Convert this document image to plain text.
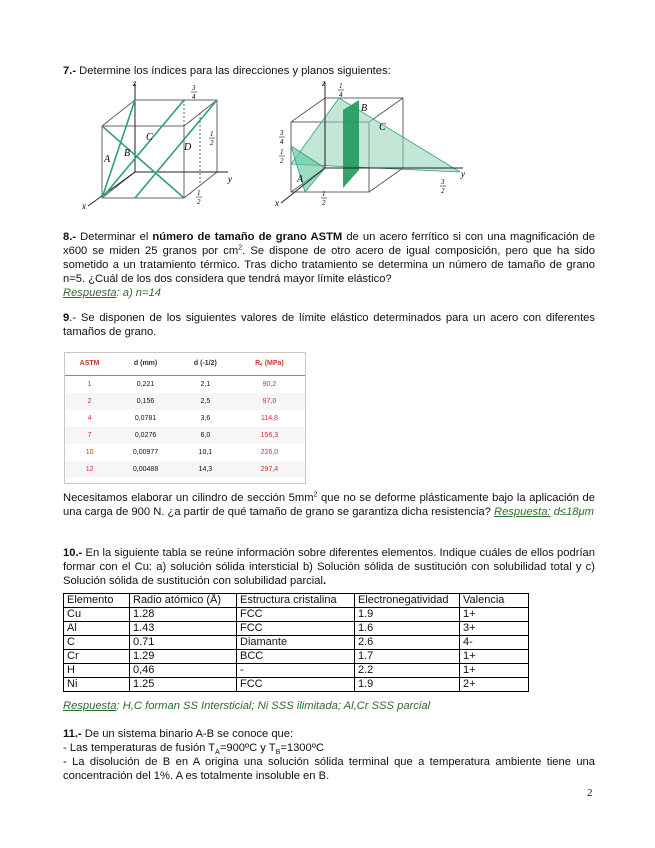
7.- Determine los índices para las direcciones y planos siguientes:
z
y
x
A
B
C
D
3
4
1
2
1
2
z
y
x
A
B
C
1
4
3
4
1
2
3
2
1
2
8.- Determinar el número de tamaño de grano ASTM de un acero ferrítico si con una magnificación de x600 se miden 25 granos por $cm^2$. Se dispone de otro acero de igual composición, pero que ha sido sometido a un tratamiento térmico. Tras dicho tratamiento se determina un número de tamaño de grano n=5. ¿Cuál de los dos considera que tendrá mayor límite elástico?
Respuesta: a) n=14
9.- Se disponen de los siguientes valores de límite elástico determinados para un acero con diferentes tamaños de grano.
ASTM	d (mm)	d (-1/2)	Rₑ (MPa)
1	0,221	2,1	90,2
2	0,156	2,5	97,0
4	0,0781	3,6	114,8
7	0,0276	6,0	156,3
10	0,00977	10,1	226,0
12	0,00488	14,3	297,4
Necesitamos elaborar un cilindro de sección $5mm^2$ que no se deforme plásticamente bajo la aplicación de una carga de 900 N. ¿a partir de qué tamaño de grano se garantiza dicha resistencia? Respuesta: d≤18μm
10.- En la siguiente tabla se reúne información sobre diferentes elementos. Indique cuáles de ellos podrían formar con el Cu: a) solución sólida intersticial b) Solución sólida de sustitución con solubilidad total y c) Solución sólida de sustitución con solubilidad parcial.
Elemento	Radio atómico (Å)	Estructura cristalina	Electronegatividad	Valencia
Cu	1.28	FCC	1.9	1+
Al	1.43	FCC	1.6	3+
C	0.71	Diamante	2.6	4-
Cr	1.29	BCC	1.7	1+
H	0,46	-	2.2	1+
Ni	1.25	FCC	1.9	2+
Respuesta: H,C forman SS Intersticial; Ni SSS ilimitada; Al,Cr SSS parcial
11.- De un sistema binario A-B se conoce que:
- Las temperaturas de fusión $T_A=900ºC$ y $T_B=1300ºC$
- La disolución de B en A origina una solución sólida terminal que a temperatura ambiente tiene una concentración del 1%. A es totalmente insoluble en B.
2
